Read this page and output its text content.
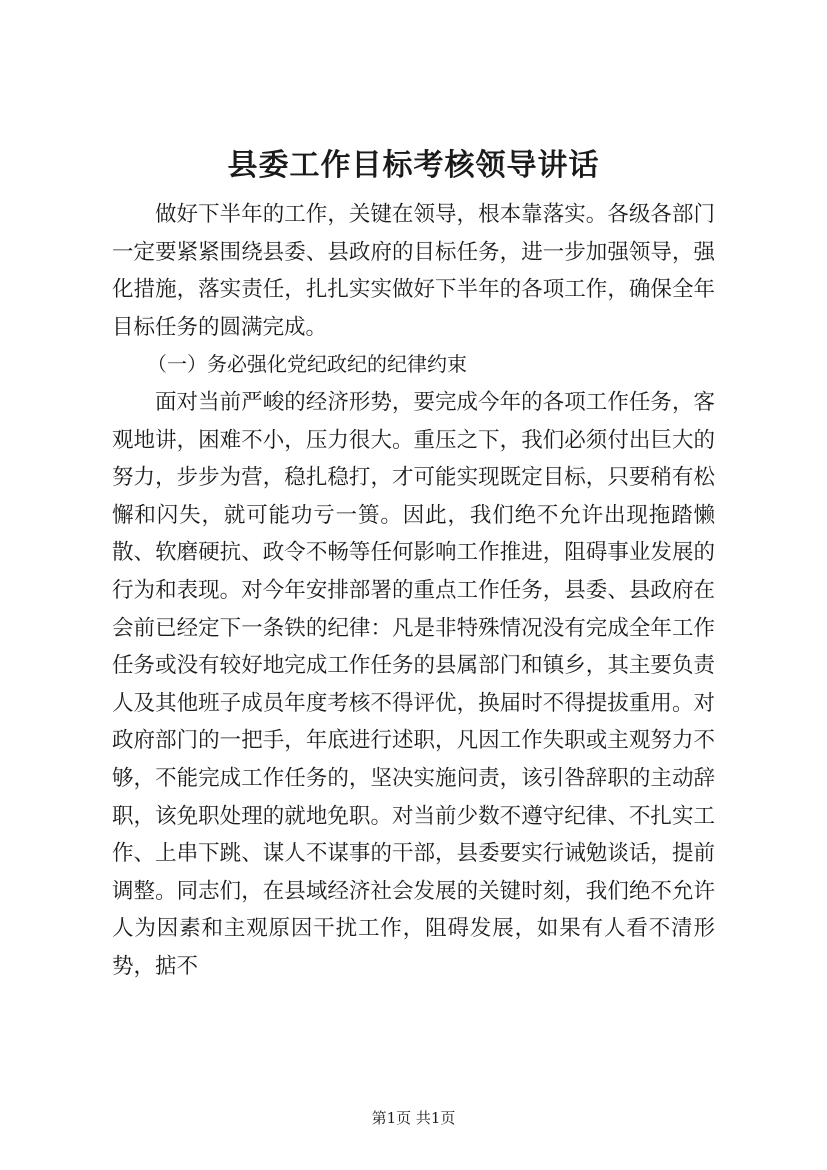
县委工作目标考核领导讲话

做好下半年的工作，关键在领导，根本靠落实。各级各部门一定要紧紧围绕县委、县政府的目标任务，进一步加强领导，强化措施，落实责任，扎扎实实做好下半年的各项工作，确保全年目标任务的圆满完成。

（一）务必强化党纪政纪的纪律约束

面对当前严峻的经济形势，要完成今年的各项工作任务，客观地讲，困难不小，压力很大。重压之下，我们必须付出巨大的努力，步步为营，稳扎稳打，才可能实现既定目标，只要稍有松懈和闪失，就可能功亏一篑。因此，我们绝不允许出现拖踏懒散、软磨硬抗、政令不畅等任何影响工作推进，阻碍事业发展的行为和表现。对今年安排部署的重点工作任务，县委、县政府在会前已经定下一条铁的纪律：凡是非特殊情况没有完成全年工作任务或没有较好地完成工作任务的县属部门和镇乡，其主要负责人及其他班子成员年度考核不得评优，换届时不得提拔重用。对政府部门的一把手，年底进行述职，凡因工作失职或主观努力不够，不能完成工作任务的，坚决实施问责，该引咎辞职的主动辞职，该免职处理的就地免职。对当前少数不遵守纪律、不扎实工作、上串下跳、谋人不谋事的干部，县委要实行诫勉谈话，提前调整。同志们，在县域经济社会发展的关键时刻，我们绝不允许人为因素和主观原因干扰工作，阻碍发展，如果有人看不清形势，掂不

第1页 共1页
